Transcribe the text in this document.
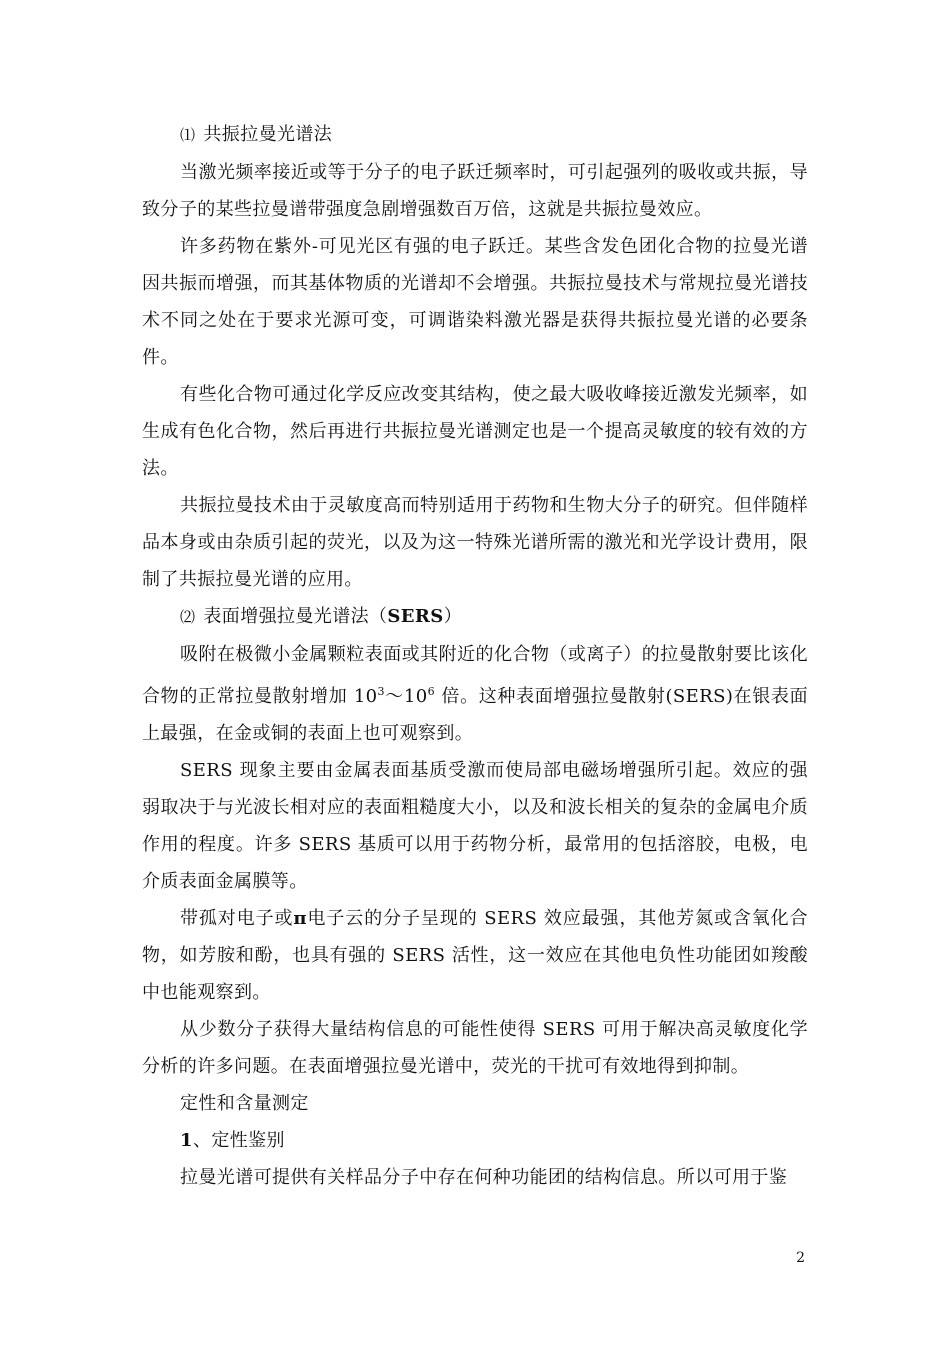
⑴ 共振拉曼光谱法

当激光频率接近或等于分子的电子跃迁频率时，可引起强列的吸收或共振，导致分子的某些拉曼谱带强度急剧增强数百万倍，这就是共振拉曼效应。

许多药物在紫外-可见光区有强的电子跃迁。某些含发色团化合物的拉曼光谱因共振而增强，而其基体物质的光谱却不会增强。共振拉曼技术与常规拉曼光谱技术不同之处在于要求光源可变，可调谐染料激光器是获得共振拉曼光谱的必要条件。

有些化合物可通过化学反应改变其结构，使之最大吸收峰接近激发光频率，如生成有色化合物，然后再进行共振拉曼光谱测定也是一个提高灵敏度的较有效的方法。

共振拉曼技术由于灵敏度高而特别适用于药物和生物大分子的研究。但伴随样品本身或由杂质引起的荧光，以及为这一特殊光谱所需的激光和光学设计费用，限制了共振拉曼光谱的应用。

⑵ 表面增强拉曼光谱法（SERS）

吸附在极微小金属颗粒表面或其附近的化合物（或离子）的拉曼散射要比该化合物的正常拉曼散射增加 $10^3\sim 10^6$ 倍。这种表面增强拉曼散射(SERS)在银表面上最强，在金或铜的表面上也可观察到。

SERS 现象主要由金属表面基质受激而使局部电磁场增强所引起。效应的强弱取决于与光波长相对应的表面粗糙度大小，以及和波长相关的复杂的金属电介质作用的程度。许多 SERS 基质可以用于药物分析，最常用的包括溶胶，电极，电介质表面金属膜等。

带孤对电子或π电子云的分子呈现的 SERS 效应最强，其他芳氮或含氧化合物，如芳胺和酚，也具有强的 SERS 活性，这一效应在其他电负性功能团如羧酸中也能观察到。

从少数分子获得大量结构信息的可能性使得 SERS 可用于解决高灵敏度化学分析的许多问题。在表面增强拉曼光谱中，荧光的干扰可有效地得到抑制。

定性和含量测定

1、定性鉴别

拉曼光谱可提供有关样品分子中存在何种功能团的结构信息。所以可用于鉴

2
